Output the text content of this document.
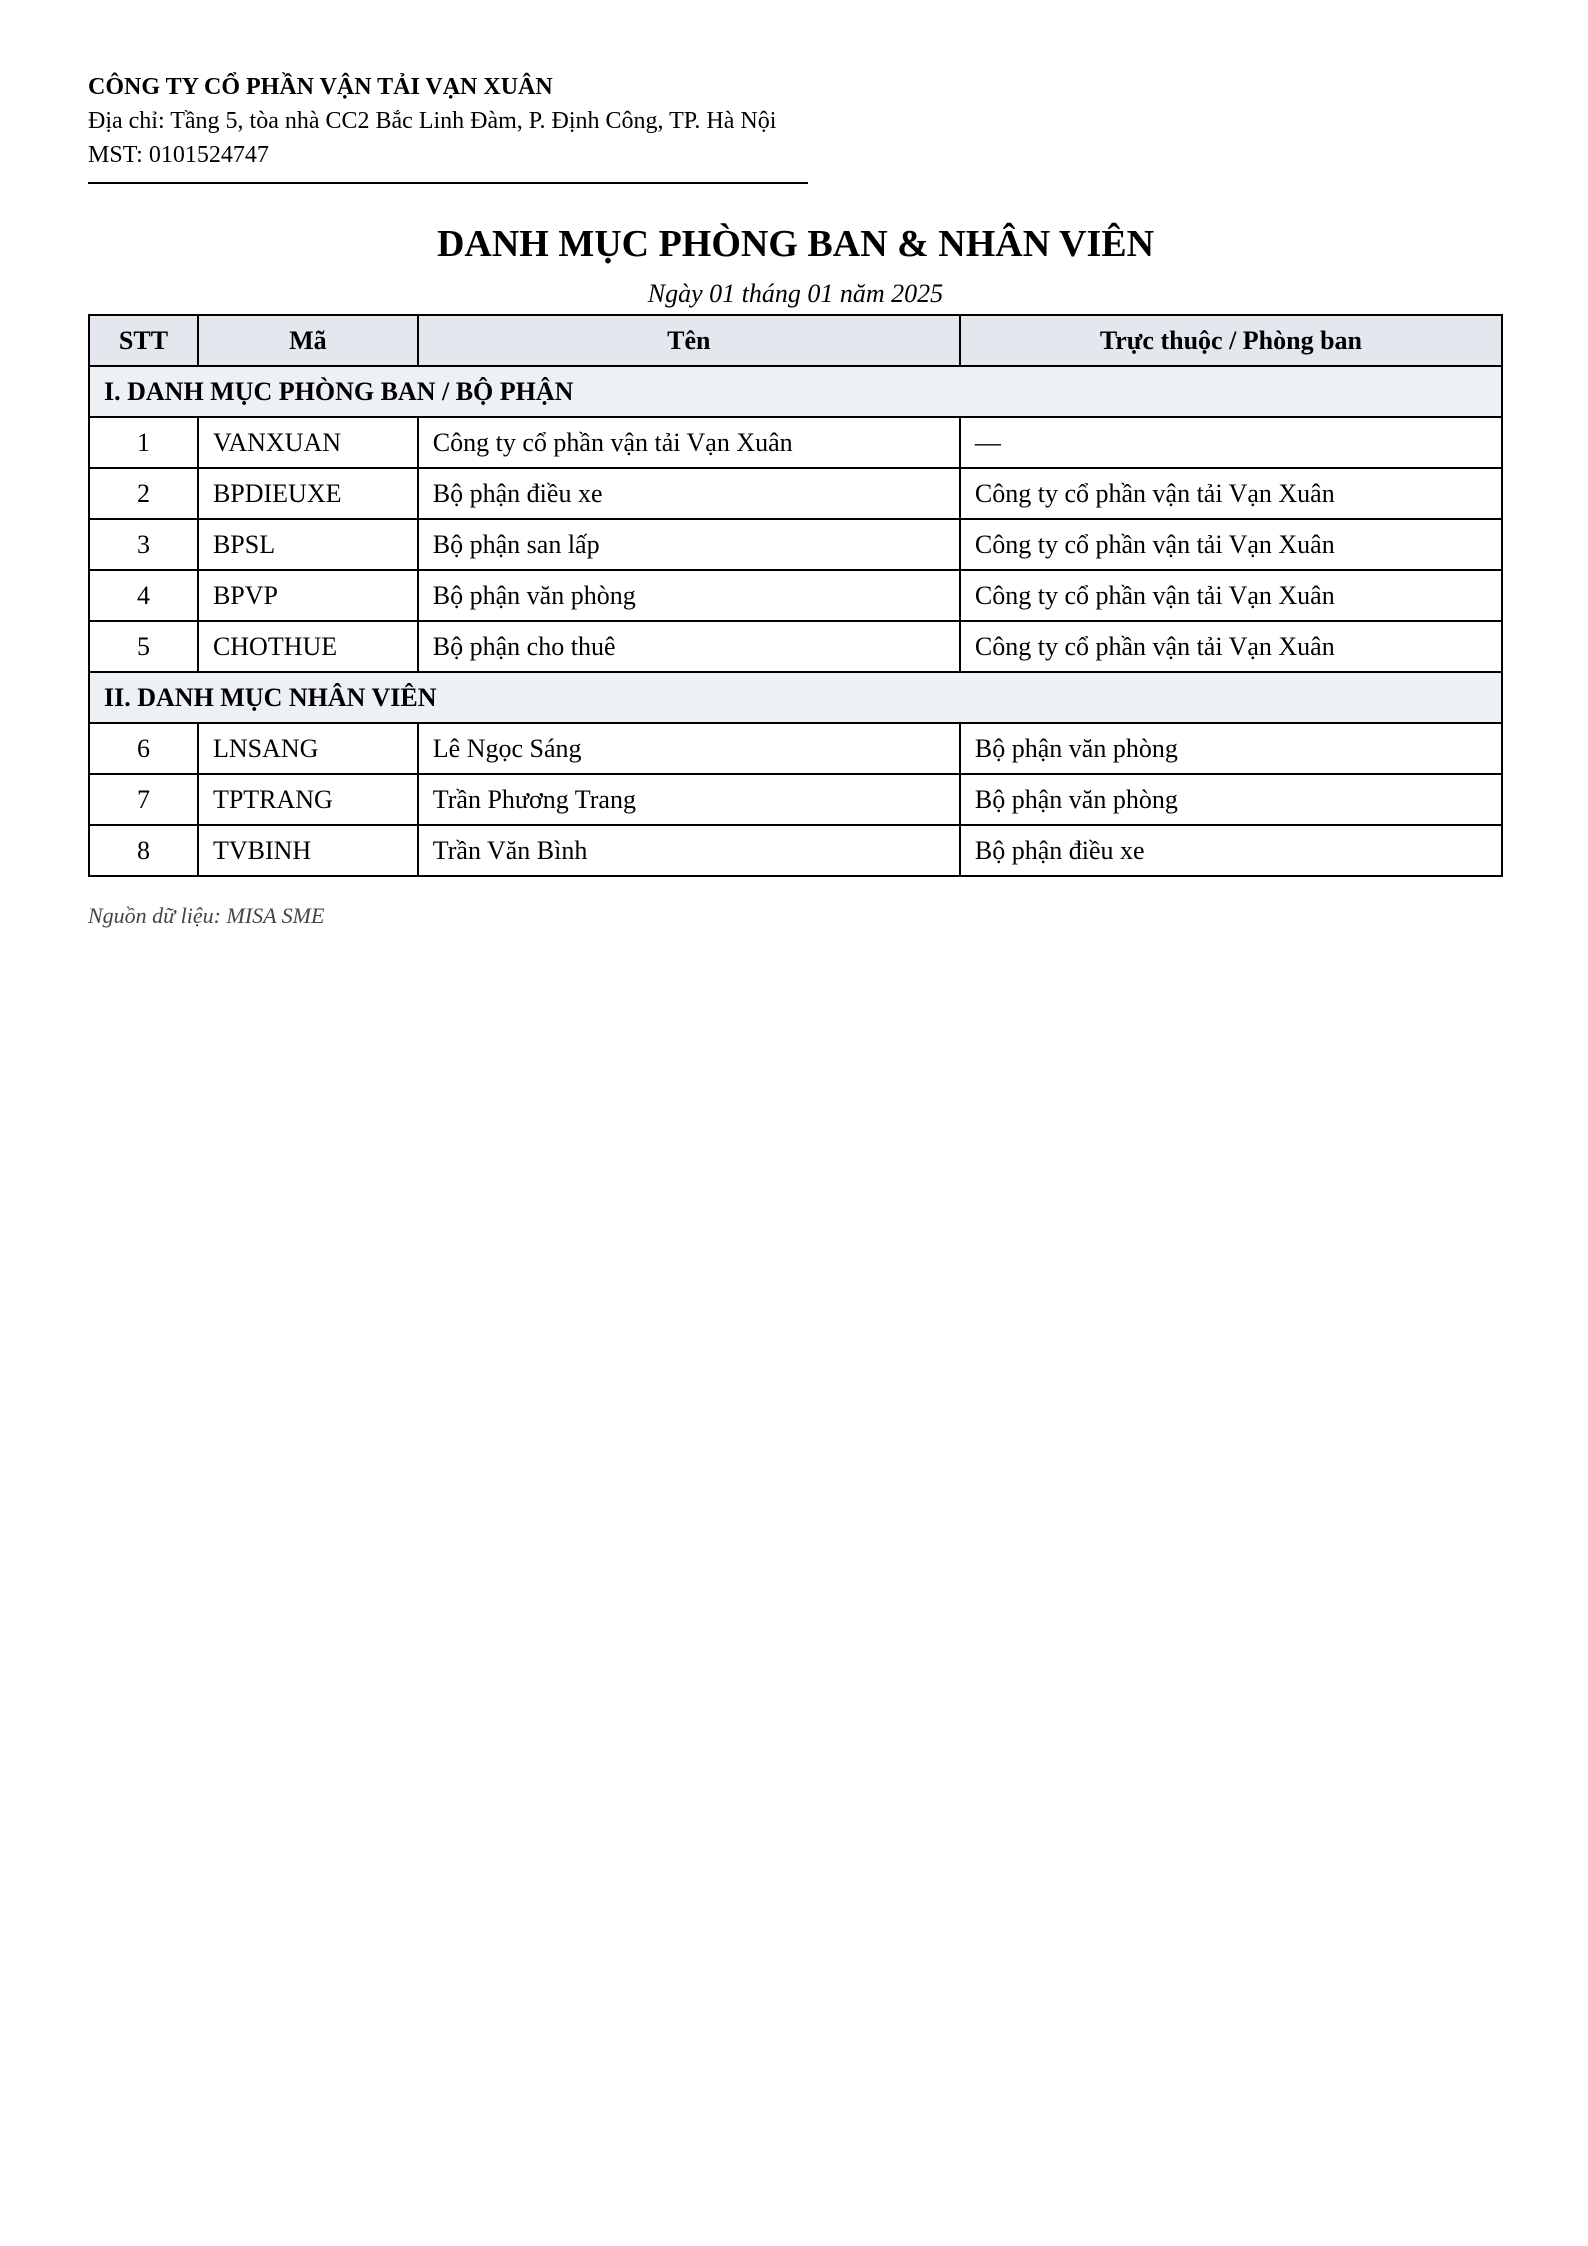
CÔNG TY CỔ PHẦN VẬN TẢI VẠN XUÂN
Địa chỉ: Tầng 5, tòa nhà CC2 Bắc Linh Đàm, P. Định Công, TP. Hà Nội
MST: 0101524747
DANH MỤC PHÒNG BAN & NHÂN VIÊN
Ngày 01 tháng 01 năm 2025
STT	Mã	Tên	Trực thuộc / Phòng ban
I. DANH MỤC PHÒNG BAN / BỘ PHẬN			
1	VANXUAN	Công ty cổ phần vận tải Vạn Xuân	—
2	BPDIEUXE	Bộ phận điều xe	Công ty cổ phần vận tải Vạn Xuân
3	BPSL	Bộ phận san lấp	Công ty cổ phần vận tải Vạn Xuân
4	BPVP	Bộ phận văn phòng	Công ty cổ phần vận tải Vạn Xuân
5	CHOTHUE	Bộ phận cho thuê	Công ty cổ phần vận tải Vạn Xuân
II. DANH MỤC NHÂN VIÊN			
6	LNSANG	Lê Ngọc Sáng	Bộ phận văn phòng
7	TPTRANG	Trần Phương Trang	Bộ phận văn phòng
8	TVBINH	Trần Văn Bình	Bộ phận điều xe
Nguồn dữ liệu: MISA SME
